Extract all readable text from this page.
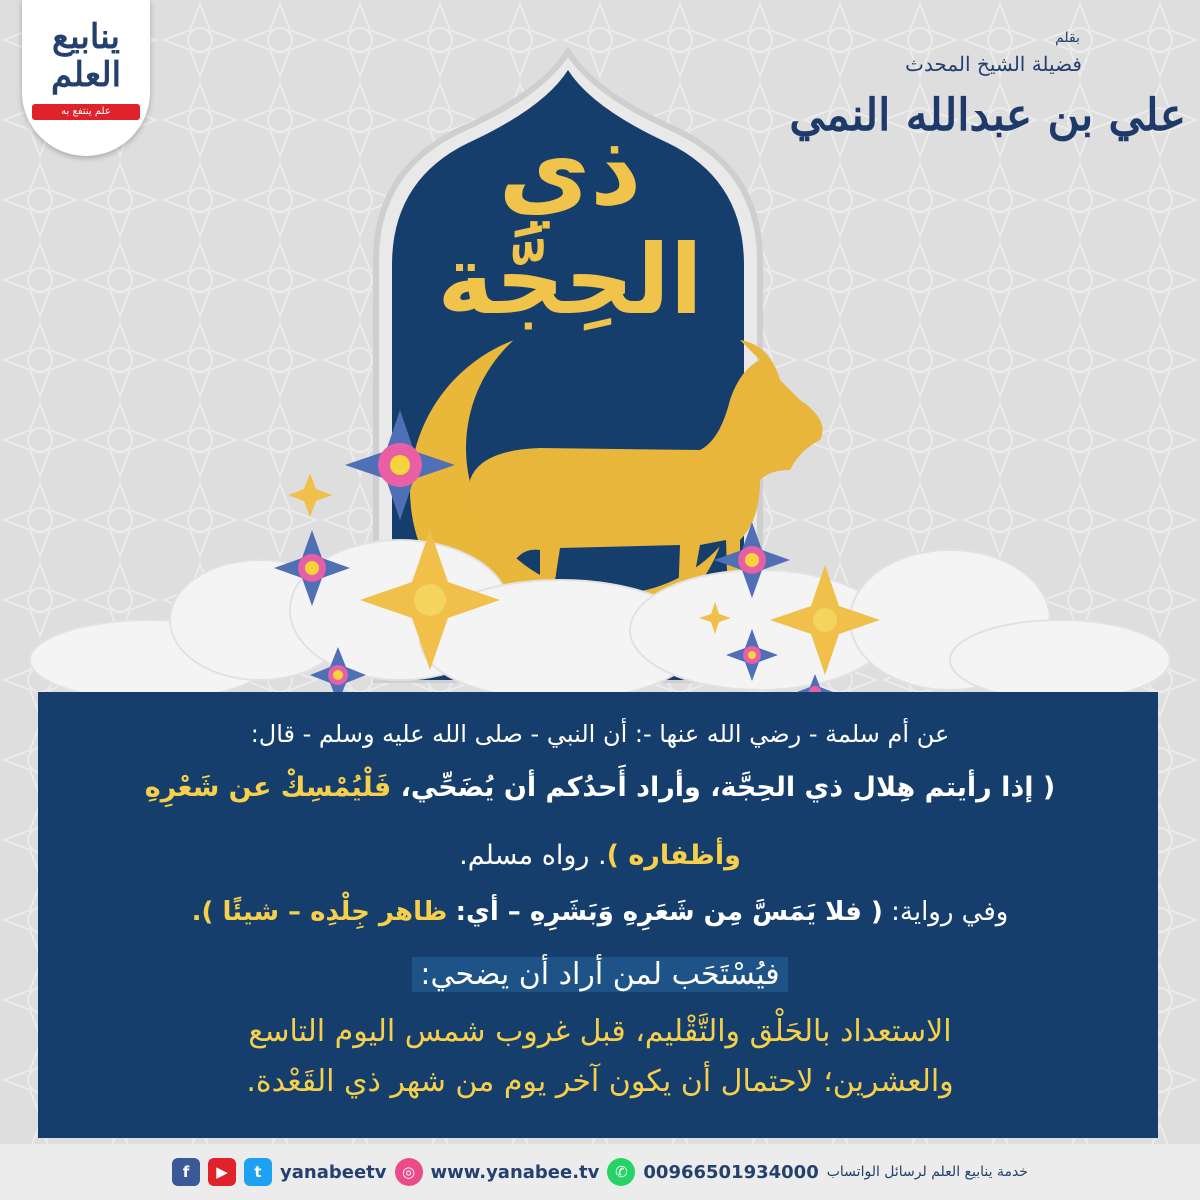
ينابيع العلم
علم ينتفع به
بقلم
فضيلة الشيخ المحدث
علي بن عبدالله النمي
ذي
الحِجَّة
عن أم سلمة - رضي الله عنها -: أن النبي - صلى الله عليه وسلم - قال:
( إذا رأيتم هِلال ذي الحِجَّة، وأراد أَحدُكم أن يُضَحِّي، فَلْيُمْسِكْ عن شَعْرِهِ
وأظفاره ). رواه مسلم.
وفي رواية: ( فلا يَمَسَّ مِن شَعَرِهِ وَبَشَرِهِ – أي: ظاهر جِلْدِه – شيئًا ).
فيُسْتَحَب لمن أراد أن يضحي:
الاستعداد بالحَلْق والتَّقْليم، قبل غروب شمس اليوم التاسع
والعشرين؛ لاحتمال أن يكون آخر يوم من شهر ذي القَعْدة.
f	▶	t	yanabeetv	◎ www.yanabee.tv	✆ 00966501934000 خدمة ينابيع العلم لرسائل الواتساب
